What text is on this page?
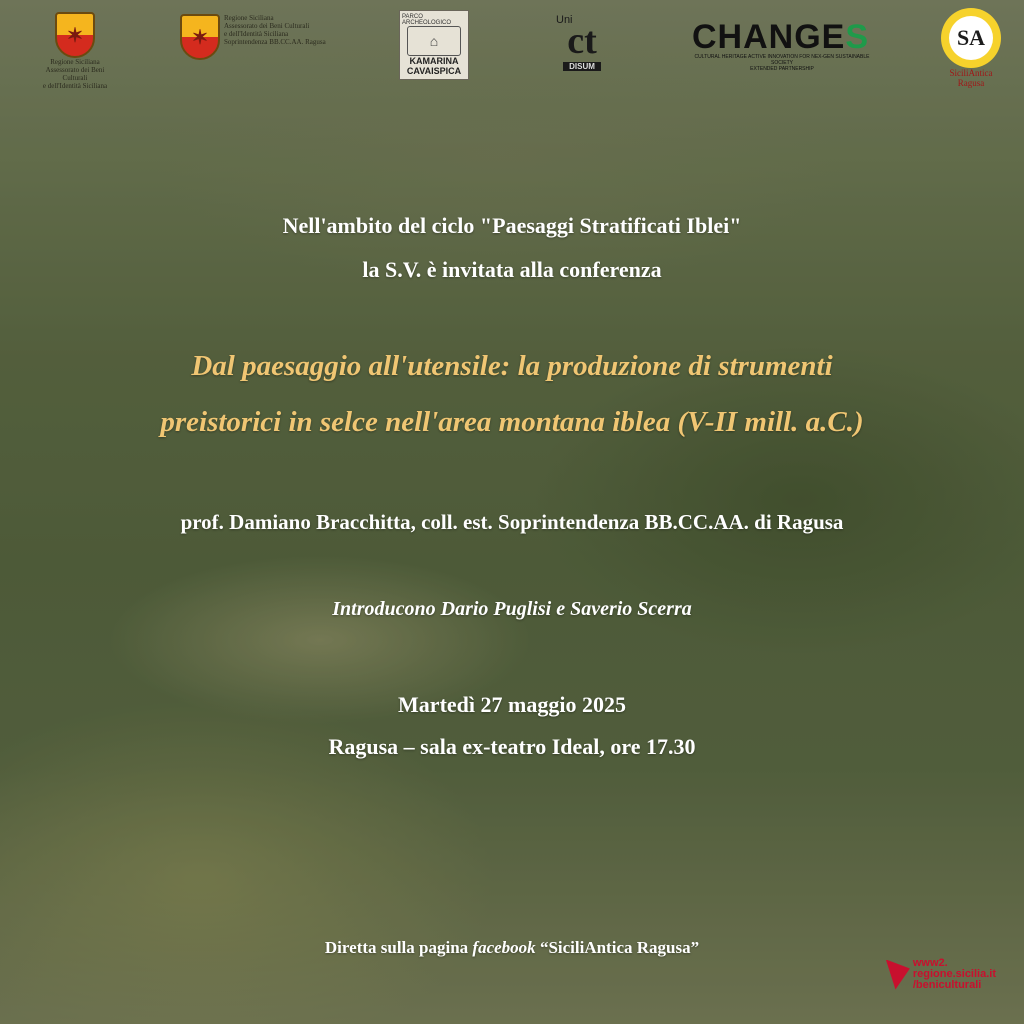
✶
Regione Siciliana
Assessorato dei Beni Culturali
e dell'Identità Siciliana
✶
Regione Siciliana
Assessorato dei Beni Culturali
e dell'Identità Siciliana
Soprintendenza BB.CC.AA. Ragusa
PARCO ARCHEOLOGICO
⌂
KAMARINA
CAVAISPICA
Uni
ct
DISUM
CHANGES
CULTURAL HERITAGE ACTIVE INNOVATION FOR NEX-GEN SUSTAINABLE SOCIETY
EXTENDED PARTNERSHIP
SA
SiciliAntica Ragusa
Nell'ambito del ciclo "Paesaggi Stratificati Iblei"
la S.V. è invitata alla conferenza
Dal paesaggio all'utensile: la produzione di strumenti
preistorici in selce nell'area montana iblea (V-II mill. a.C.)
prof. Damiano Bracchitta, coll. est. Soprintendenza BB.CC.AA. di Ragusa
Introducono Dario Puglisi e Saverio Scerra
Martedì 27 maggio 2025
Ragusa – sala ex-teatro Ideal, ore 17.30
Diretta sulla pagina facebook “SiciliAntica Ragusa”
www2.
regione.sicilia.it
/beniculturali
